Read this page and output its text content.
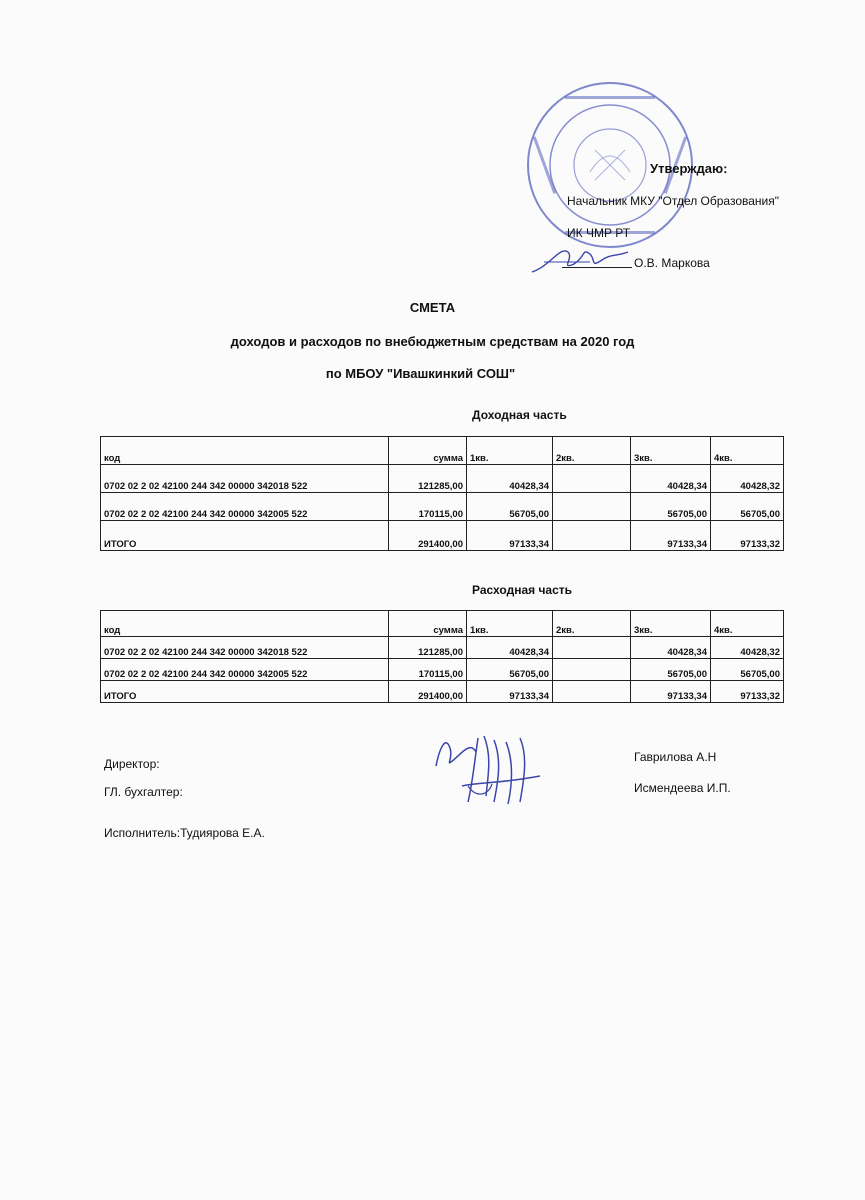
Утверждаю:
Начальник МКУ "Отдел Образования"
ИК ЧМР РТ
О.В. Маркова
СМЕТА
доходов и расходов по внебюджетным средствам на 2020 год
по МБОУ "Ивашкинкий СОШ"
Доходная часть
код	сумма	1кв.	2кв.	3кв.	4кв.
0702 02 2 02 42100 244 342 00000 342018 522	121285,00	40428,34		40428,34	40428,32
0702 02 2 02 42100 244 342 00000 342005 522	170115,00	56705,00		56705,00	56705,00
ИТОГО	291400,00	97133,34		97133,34	97133,32
Расходная часть
код	сумма	1кв.	2кв.	3кв.	4кв.
0702 02 2 02 42100 244 342 00000 342018 522	121285,00	40428,34		40428,34	40428,32
0702 02 2 02 42100 244 342 00000 342005 522	170115,00	56705,00		56705,00	56705,00
ИТОГО	291400,00	97133,34		97133,34	97133,32
Директор:	Гаврилова А.Н
ГЛ. бухгалтер:	Исмендеева И.П.
Исполнитель:Тудиярова Е.А.
